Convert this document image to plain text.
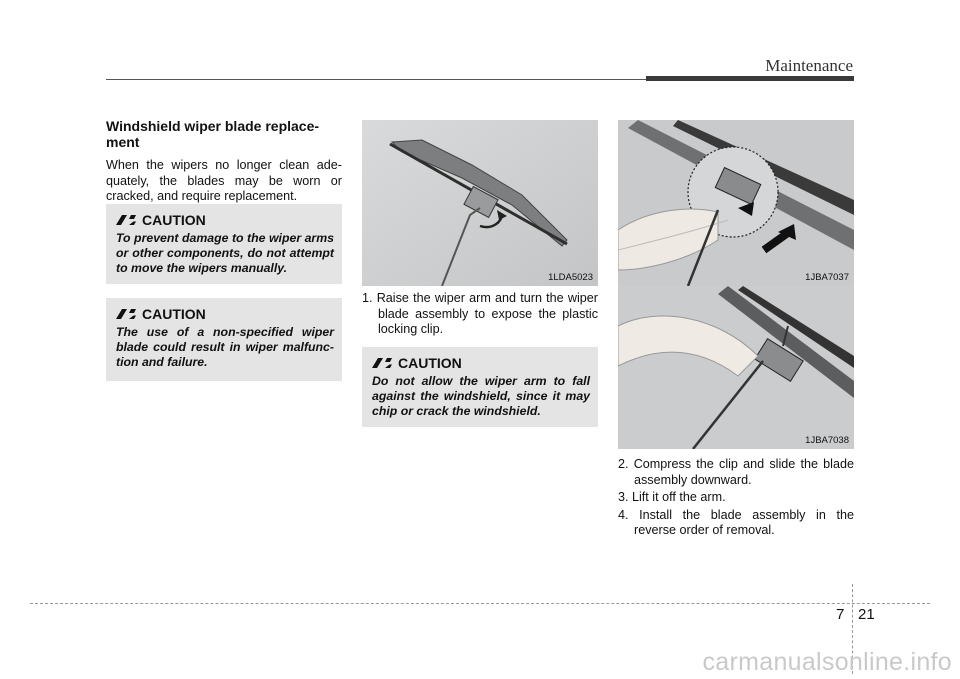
Maintenance
Windshield wiper blade replace-ment

When the wipers no longer clean ade-quately, the blades may be worn or cracked, and require replacement.

CAUTION

To prevent damage to the wiper arms or other components, do not attempt to move the wipers manually.

CAUTION

The use of a non-specified wiper blade could result in wiper malfunc-tion and failure.

1LDA5023
1. Raise the wiper arm and turn the wiper blade assembly to expose the plastic locking clip.
CAUTION

Do not allow the wiper arm to fall against the windshield, since it may chip or crack the windshield.

1JBA7037
1JBA7038
2. Compress the clip and slide the blade assembly downward.
3. Lift it off the arm.
4. Install the blade assembly in the reverse order of removal.
7 21
carmanualsonline.info
